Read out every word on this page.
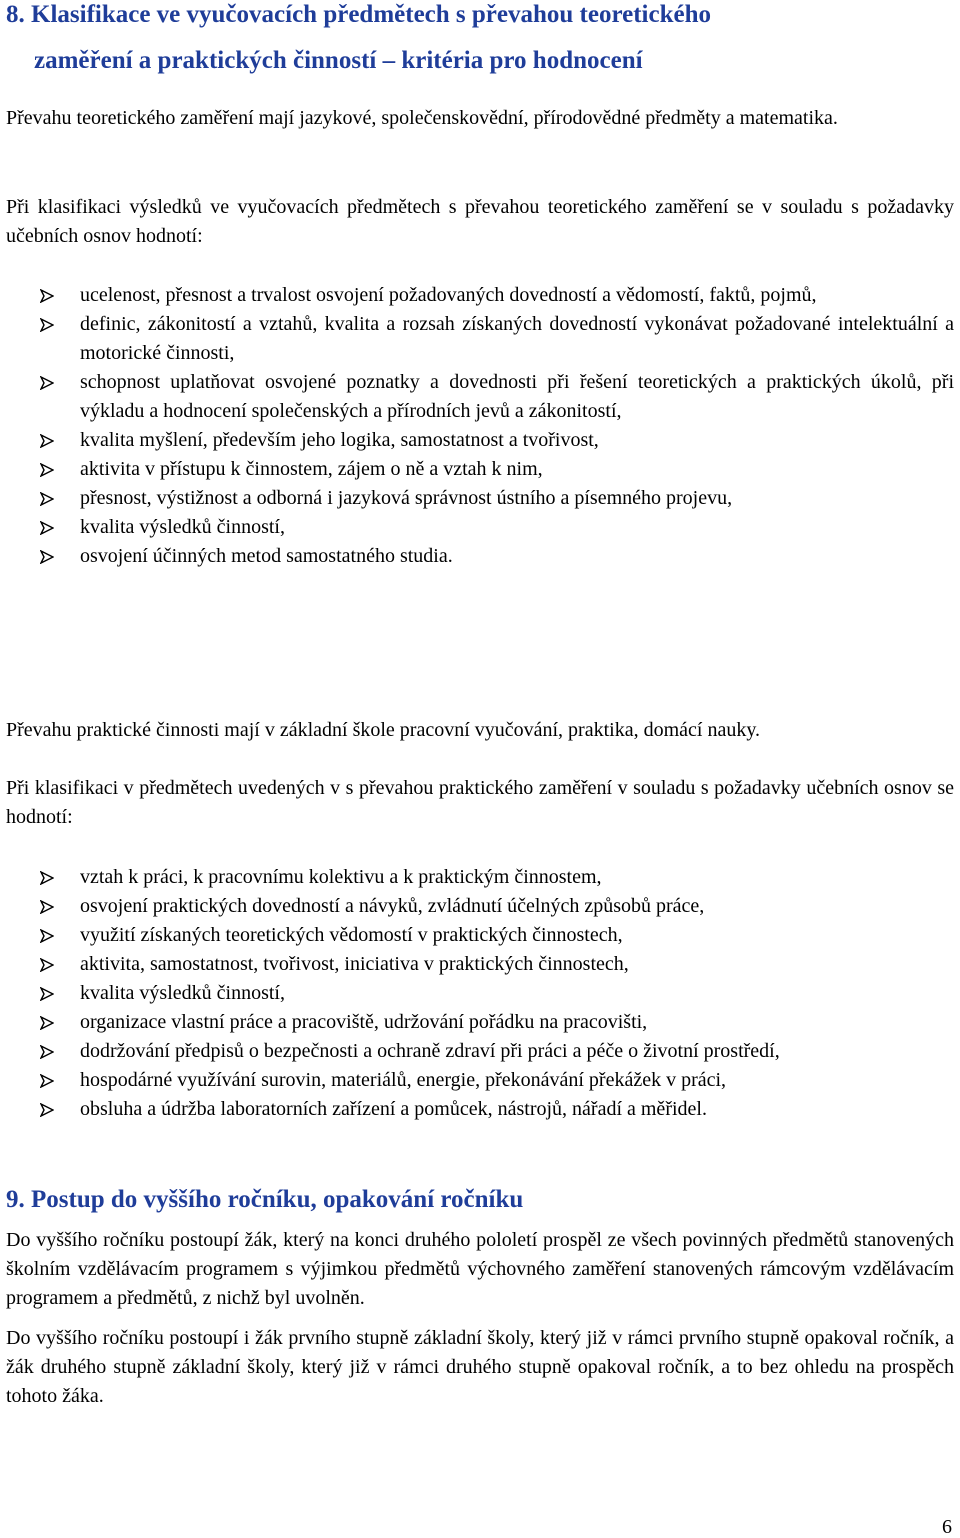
8. Klasifikace ve vyučovacích předmětech s převahou teoretického
zaměření a praktických činností – kritéria pro hodnocení
Převahu teoretického zaměření mají jazykové, společenskovědní, přírodovědné předměty a matematika.
Při klasifikaci výsledků ve vyučovacích předmětech s převahou teoretického zaměření se v souladu s požadavky učebních osnov hodnotí:
ucelenost, přesnost a trvalost osvojení požadovaných dovedností a vědomostí, faktů, pojmů,
definic, zákonitostí a vztahů, kvalita a rozsah získaných dovedností vykonávat požadované intelektuální a motorické činnosti,
schopnost uplatňovat osvojené poznatky a dovednosti při řešení teoretických a praktických úkolů, při výkladu a hodnocení společenských a přírodních jevů a zákonitostí,
kvalita myšlení, především jeho logika, samostatnost a tvořivost,
aktivita v přístupu k činnostem, zájem o ně a vztah k nim,
přesnost, výstižnost a odborná i jazyková správnost ústního a písemného projevu,
kvalita výsledků činností,
osvojení účinných metod samostatného studia.
Převahu praktické činnosti mají v základní škole pracovní vyučování, praktika, domácí nauky.
Při klasifikaci v předmětech uvedených v s převahou praktického zaměření v souladu s požadavky učebních osnov se hodnotí:
vztah k práci, k pracovnímu kolektivu a k praktickým činnostem,
osvojení praktických dovedností a návyků, zvládnutí účelných způsobů práce,
využití získaných teoretických vědomostí v praktických činnostech,
aktivita, samostatnost, tvořivost, iniciativa v praktických činnostech,
kvalita výsledků činností,
organizace vlastní práce a pracoviště, udržování pořádku na pracovišti,
dodržování předpisů o bezpečnosti a ochraně zdraví při práci a péče o životní prostředí,
hospodárné využívání surovin, materiálů, energie, překonávání překážek v práci,
obsluha a údržba laboratorních zařízení a pomůcek, nástrojů, nářadí a měřidel.
9. Postup do vyššího ročníku, opakování ročníku
Do vyššího ročníku postoupí žák, který na konci druhého pololetí prospěl ze všech povinných předmětů stanovených školním vzdělávacím programem s výjimkou předmětů výchovného zaměření stanovených rámcovým vzdělávacím programem a předmětů, z nichž byl uvolněn.
Do vyššího ročníku postoupí i žák prvního stupně základní školy, který již v rámci prvního stupně opakoval ročník, a žák druhého stupně základní školy, který již v rámci druhého stupně opakoval ročník, a to bez ohledu na prospěch tohoto žáka.
6
